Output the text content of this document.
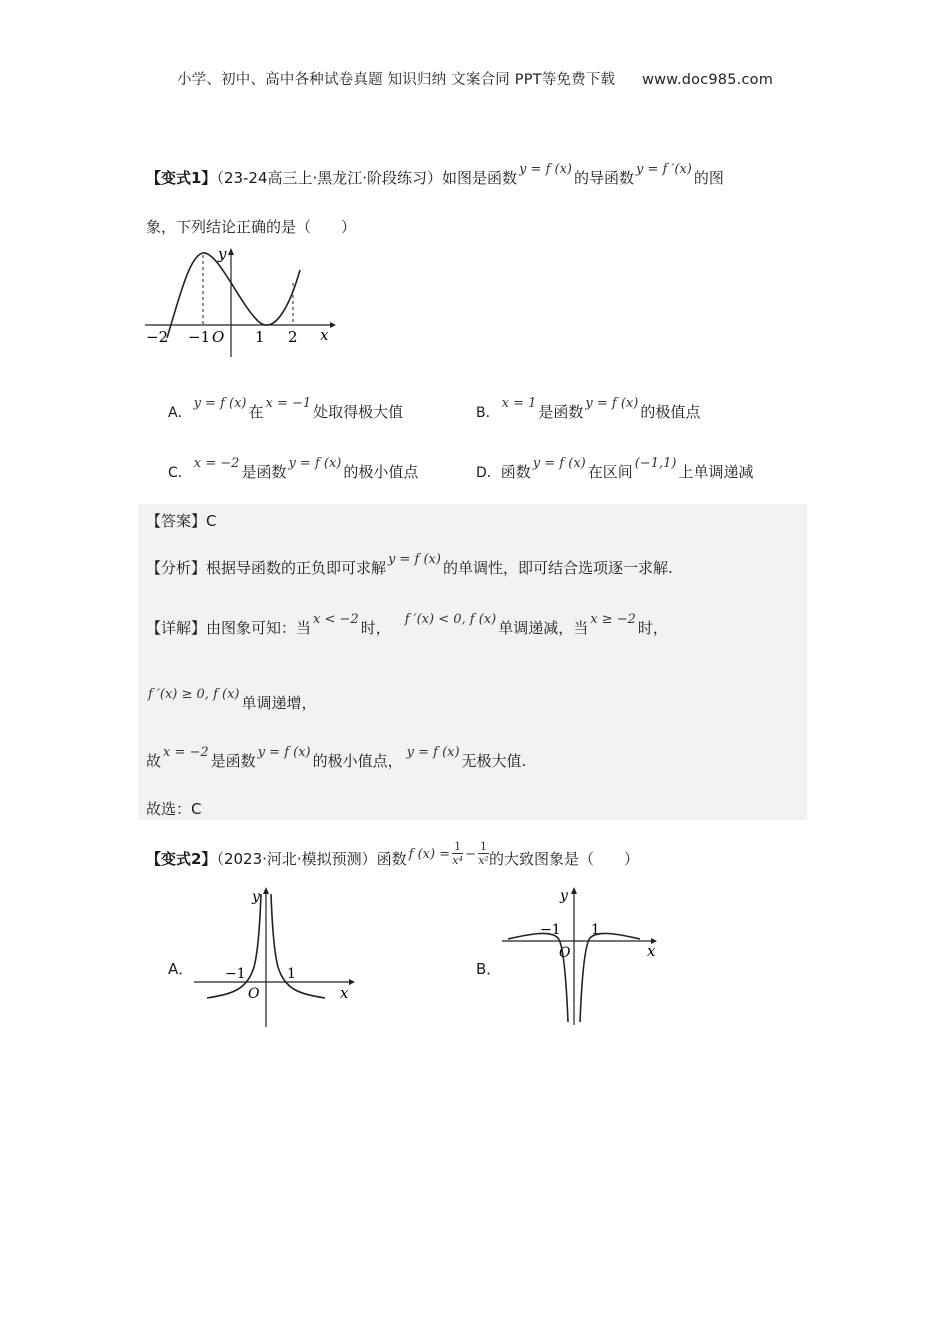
小学、初中、高中各种试卷真题 知识归纳 文案合同 PPT等免费下载 www.doc985.com
【变式1】（23-24高三上·黑龙江·阶段练习）如图是函数 y = f (x) 的导函数 y = f ′(x) 的图
象，下列结论正确的是（　　）
y
x
O
−2 −1	1 2
A．y = f (x) 在 x = −1 处取得极大值	B．x = 1 是函数 y = f (x) 的极值点
C．x = −2 是函数 y = f (x) 的极小值点	D．函数 y = f (x) 在区间 (−1,1) 上单调递减
【答案】C
【分析】根据导函数的正负即可求解 y = f (x) 的单调性，即可结合选项逐一求解.
【详解】由图象可知：当 x < −2 时， f ′(x) < 0, f (x) 单调递减，当 x ≥ −2 时，
f ′(x) ≥ 0, f (x) 单调递增，
故 x = −2 是函数 y = f (x) 的极小值点， y = f (x) 无极大值.
故选：C
【变式2】（2023·河北·模拟预测）函数 f $(x) = \frac{1}{\text{x⁴}} - \frac{1}{\text{x²}}$ 的大致图象是（　　）
A．
y
x
O
−1	1	B．
y
x
O
−1 1
